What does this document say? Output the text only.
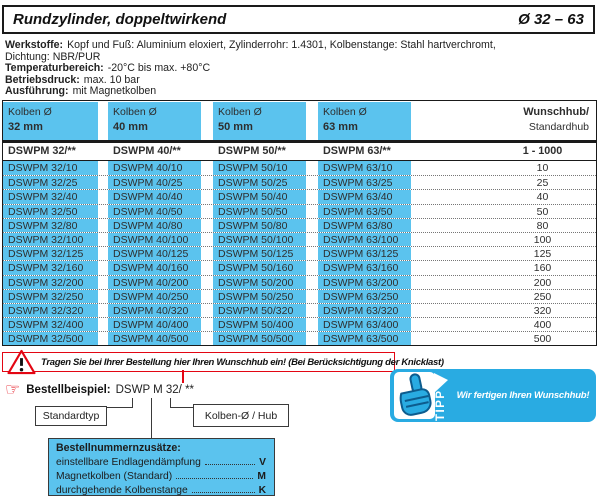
Rundzylinder, doppeltwirkend	Ø 32 – 63
Werkstoffe: Kopf und Fuß: Aluminium eloxiert, Zylinderrohr: 1.4301, Kolbenstange: Stahl hartverchromt,
Dichtung: NBR/PUR
Temperaturbereich: -20°C bis max. +80°C
Betriebsdruck: max. 10 bar
Ausführung: mit Magnetkolben
Kolben Ø
32 mm
Kolben Ø
40 mm
Kolben Ø
50 mm
Kolben Ø
63 mm
Wunschhub/
Standardhub
DSWPM 32/**	DSWPM 40/**	DSWPM 50/**	DSWPM 63/**	1 - 1000
DSWPM 32/10	DSWPM 40/10	DSWPM 50/10	DSWPM 63/10	10
DSWPM 32/25	DSWPM 40/25	DSWPM 50/25	DSWPM 63/25	25
DSWPM 32/40	DSWPM 40/40	DSWPM 50/40	DSWPM 63/40	40
DSWPM 32/50	DSWPM 40/50	DSWPM 50/50	DSWPM 63/50	50
DSWPM 32/80	DSWPM 40/80	DSWPM 50/80	DSWPM 63/80	80
DSWPM 32/100	DSWPM 40/100	DSWPM 50/100	DSWPM 63/100	100
DSWPM 32/125	DSWPM 40/125	DSWPM 50/125	DSWPM 63/125	125
DSWPM 32/160	DSWPM 40/160	DSWPM 50/160	DSWPM 63/160	160
DSWPM 32/200	DSWPM 40/200	DSWPM 50/200	DSWPM 63/200	200
DSWPM 32/250	DSWPM 40/250	DSWPM 50/250	DSWPM 63/250	250
DSWPM 32/320	DSWPM 40/320	DSWPM 50/320	DSWPM 63/320	320
DSWPM 32/400	DSWPM 40/400	DSWPM 50/400	DSWPM 63/400	400
DSWPM 32/500	DSWPM 40/500	DSWPM 50/500	DSWPM 63/500	500
Tragen Sie bei Ihrer Bestellung hier Ihren Wunschhub ein! (Bei Berücksichtigung der Knicklast)
☞ Bestellbeispiel: DSWP M 32/ **
Standardtyp	Kolben-Ø / Hub
Bestellnummernzusätze:
einstellbare Endlagendämpfung	V
Magnetkolben (Standard)	M
durchgehende Kolbenstange	K
TIPP Wir fertigen Ihren Wunschhub!
